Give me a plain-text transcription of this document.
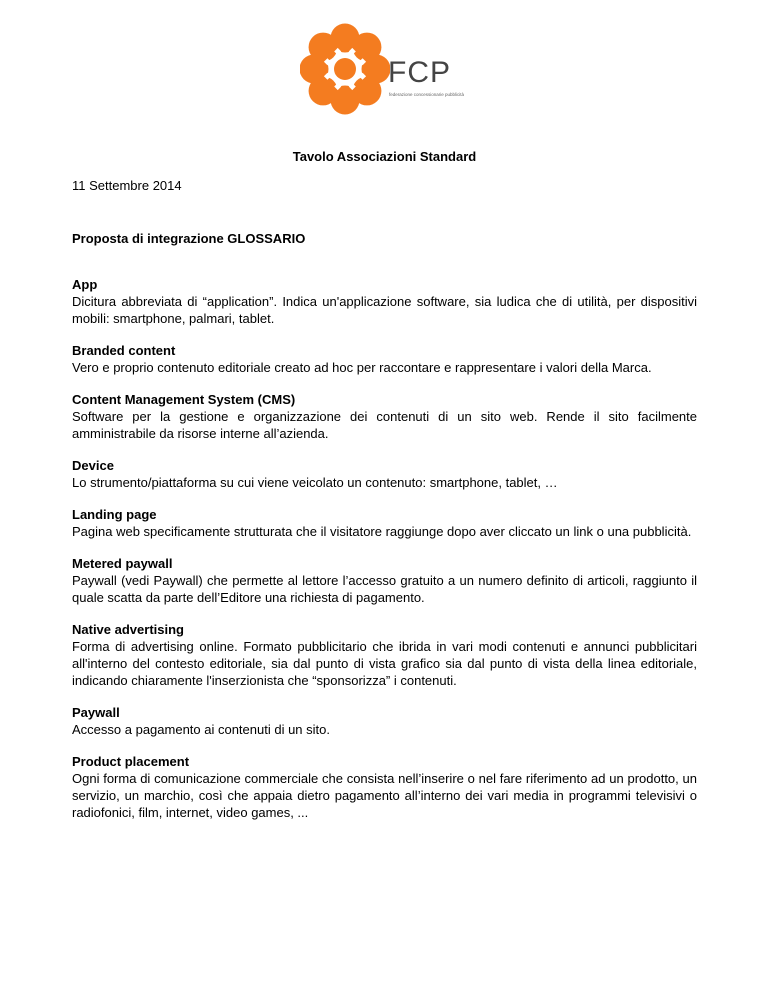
FCP
federazione concessionarie pubblicità
Tavolo Associazioni Standard
11 Settembre 2014
Proposta di integrazione GLOSSARIO
App
Dicitura abbreviata di “application”. Indica un'applicazione software, sia ludica che di utilità, per dispositivi mobili: smartphone, palmari, tablet.
Branded content
Vero e proprio contenuto editoriale creato ad hoc per raccontare e rappresentare i valori della Marca.
Content Management System (CMS)
Software per la gestione e organizzazione dei contenuti di un sito web. Rende il sito facilmente amministrabile da risorse interne all’azienda.
Device
Lo strumento/piattaforma su cui viene veicolato un contenuto: smartphone, tablet, …
Landing page
Pagina web specificamente strutturata che il visitatore raggiunge dopo aver cliccato un link o una pubblicità.
Metered paywall
Paywall (vedi Paywall) che permette al lettore l’accesso gratuito a un numero definito di articoli, raggiunto il quale scatta da parte dell’Editore una richiesta di pagamento.
Native advertising
Forma di advertising online. Formato pubblicitario che ibrida in vari modi contenuti e annunci pubblicitari all'interno del contesto editoriale, sia dal punto di vista grafico sia dal punto di vista della linea editoriale, indicando chiaramente l'inserzionista che “sponsorizza” i contenuti.
Paywall
Accesso a pagamento ai contenuti di un sito.
Product placement
Ogni forma di comunicazione commerciale che consista nell’inserire o nel fare riferimento ad un prodotto, un servizio, un marchio, così che appaia dietro pagamento all’interno dei vari media in programmi televisivi o radiofonici, film, internet, video games, ...
